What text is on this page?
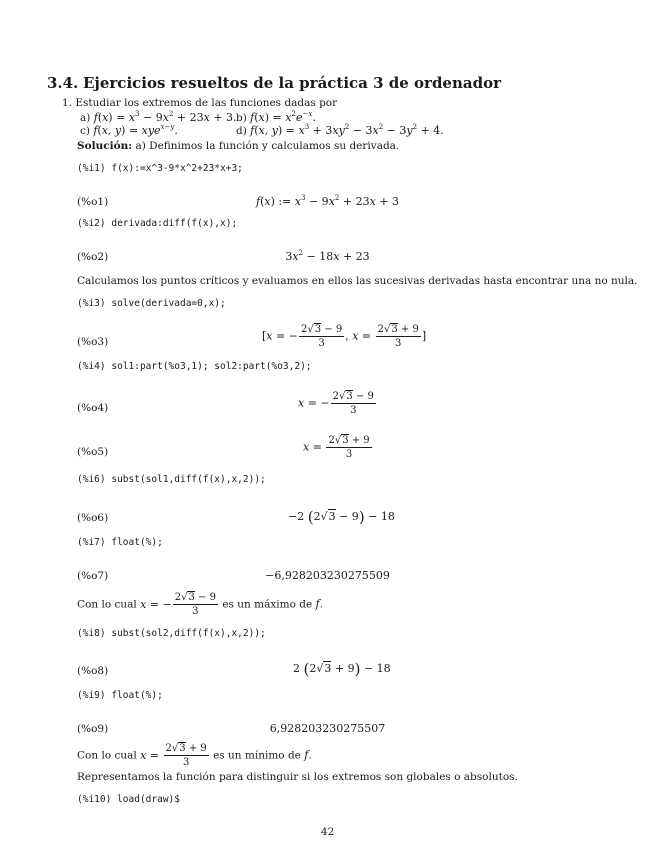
3.4. Ejercicios resueltos de la práctica 3 de ordenador
1. Estudiar los extremos de las funciones dadas por
a) $f(x) = x^3 - 9x^2 + 23x + 3$. b) $f(x) = x^2e^{-x}$.
c) f(x, y) = xye$^{x-y}$.	d) f(x, $y) = x^3 + 3xy^2 - 3x^2 - 3y^2 + 4$.
Solución: a) Definimos la función y calculamos su derivada.
(%i1) f(x):=x^3-9*x^2+23*x+3;
(%o1)	f(x) := $x^3 - 9x^2 + 23x + 3$
(%i2) derivada:diff(f(x),x);
(%o2)	$3x^2 - 18x + 23$
Calculamos los puntos críticos y evaluamos en ellos las sucesivas derivadas hasta encontrar una no nula.
(%i3) solve(derivada=0,x);
(%o3)	[x = − $\frac{2√3 - 9}{3}$ , $x = \frac{2√3 + 9}{3}$ ]
(%i4) sol1:part(%o3,1); sol2:part(%o3,2);
(%o4)	x = − $\frac{2√3 - 9}{3}$
(%o5)	$x = \frac{2√3 + 9}{3}$
(%i6) subst(sol1,diff(f(x),x,2));
(%o6)	−2 (2√3 − 9) − 18
(%i7) float(%);
(%o7)	−6,928203230275509
Con lo cual x = − $\frac{2√3 - 9}{3}$ es un máximo de f.
(%i8) subst(sol2,diff(f(x),x,2));
(%o8)	2 (2√3 + 9) − 18
(%i9) float(%);
(%o9)	6,928203230275507
Con lo cual $x = \frac{2√3 + 9}{3}$ es un mínimo de f.
Representamos la función para distinguir si los extremos son globales o absolutos.
(%i10) load(draw)$
42
